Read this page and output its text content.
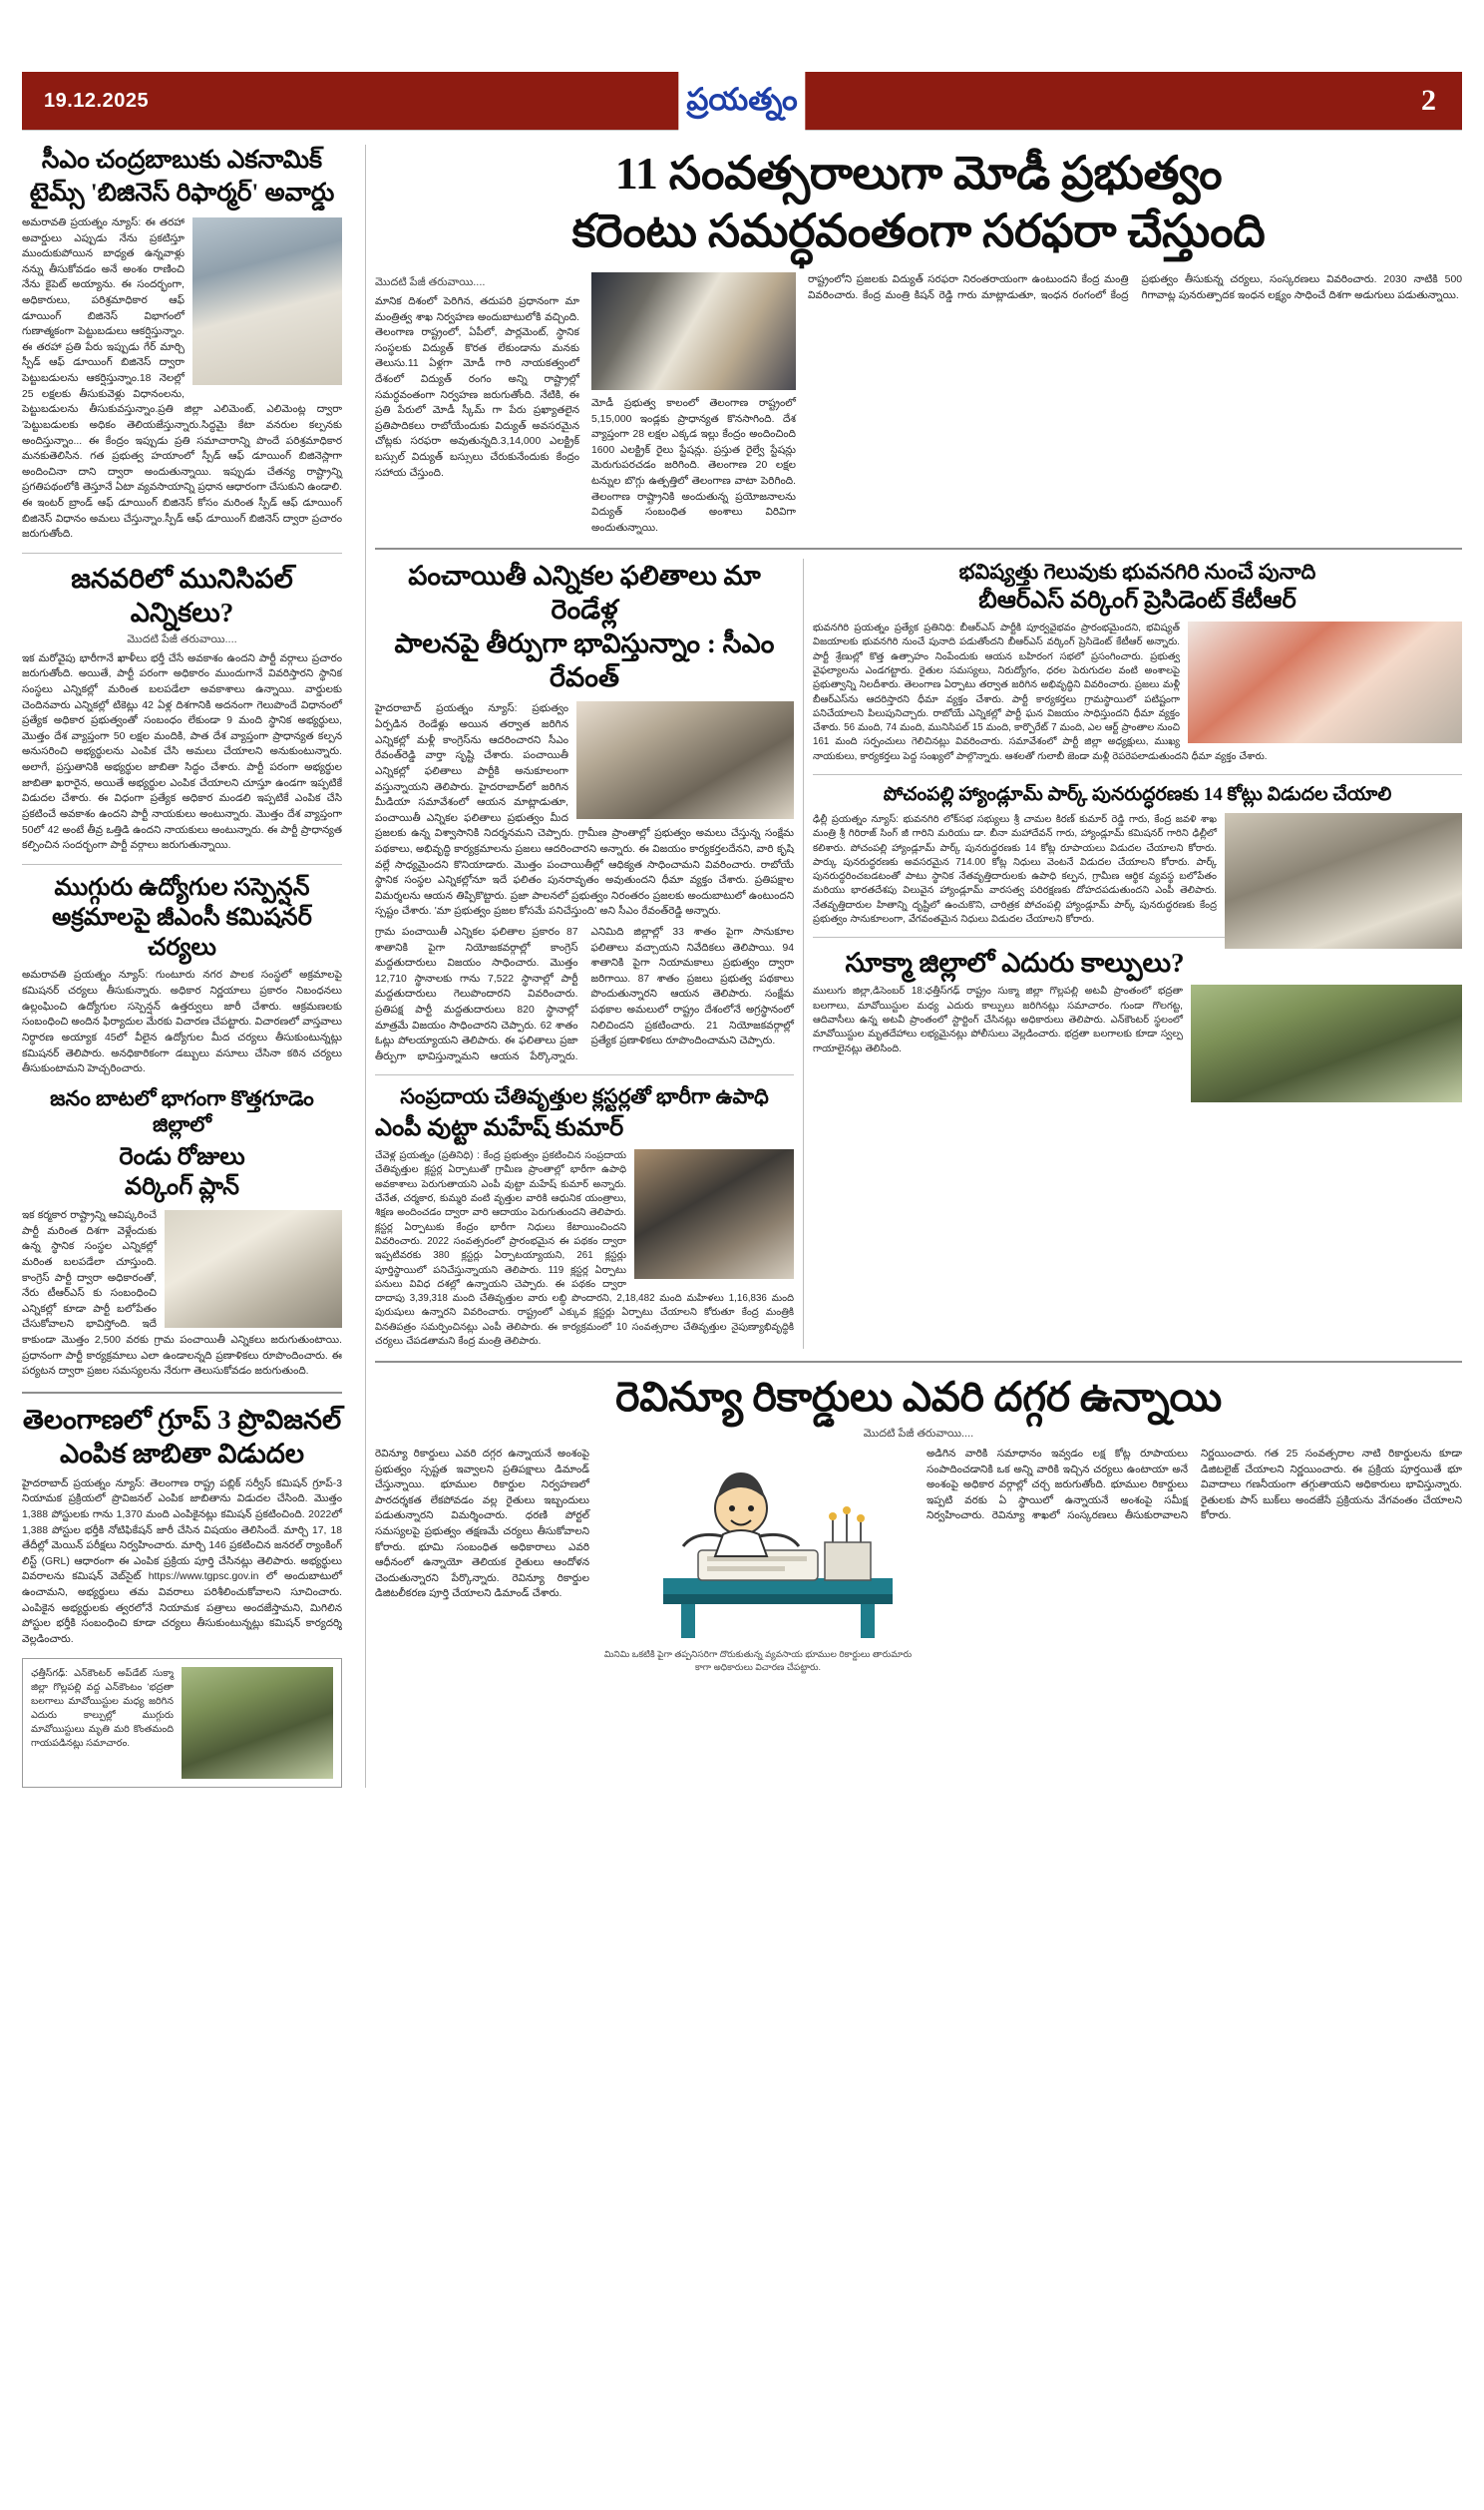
19.12.2025	ప్రయత్నం	2
సీఎం చంద్రబాబుకు ఎకనామిక్
టైమ్స్ 'బిజినెస్ రిఫార్మర్' అవార్డు
అమరావతి ప్రయత్నం న్యూస్: ఈ తరహా అవార్డులు ఎప్పుడు నేను ప్రకటిస్తూ ముందుకుపోయిన బాధ్యత ఉన్నవాళ్లు నన్ను తీసుకోవడం అనే అంశం రాణించి నేను కైపెట్ అయ్యాను. ఈ సందర్భంగా, అధికారులు, పరిశ్రమాధికార ఆఫ్ డూయింగ్ బిజినెస్ విభాగంలో గుణాత్మకంగా పెట్టుబడులు ఆకర్షిస్తున్నాం. ఈ తరహా ప్రతి పేరు ఇప్పుడు గేర్ మార్చి స్పీడ్ ఆఫ్ డూయింగ్ బిజినెస్ ద్వారా పెట్టుబడులను ఆకర్షిస్తున్నాం.18 నెలల్లో 25 లక్షలకు తీసుకువెళ్లు విధానంలను, పెట్టుబడులను తీసుకువస్తున్నాం.ప్రతి జిల్లా ఎలిమెంట్, ఎలిమెంట్ల ద్వారా 'పెట్టుబడులకు అధికం తెలియజేస్తున్నారు.సిద్ధమై కేటా వనరుల కల్పనకు అందిస్తున్నాం... ఈ కేంద్రం ఇప్పుడు ప్రతి సమాచారాన్ని పొందే పరిశ్రమాధికార మనకుతెలిసిన. గత ప్రభుత్వ హయాంలో స్పీడ్ ఆఫ్ డూయింగ్ బిజినెస్లాగా అందించినా దాని ద్వారా అందుతున్నాయి. ఇప్పుడు చేతన్య రాష్ట్రాన్ని ప్రగతిపథంలోకి తెస్తూనే ఏటా వ్యవసాయాన్ని ప్రధాన ఆధారంగా చేసుకుని ఉండాలి. ఈ ఇంటర్ బ్రాండ్ ఆఫ్ డూయింగ్ బిజినెస్ కోసం మరింత స్పీడ్ ఆఫ్ డూయింగ్ బిజినెస్ విధానం అమలు చేస్తున్నాం.స్పీడ్ ఆఫ్ డూయింగ్ బిజినెస్ ద్వారా ప్రచారం జరుగుతోంది.
జనవరిలో మునిసిపల్ ఎన్నికలు?
మొదటి పేజీ తరువాయి....
ఇక మరోవైపు భారీగానే ఖాళీలు భర్తీ చేసే అవకాశం ఉందని పార్టీ వర్గాలు ప్రచారం జరుగుతోంది. అయితే, పార్టీ పరంగా అధికారం ముందుగానే వివరిస్తారని స్థానిక సంస్థలు ఎన్నికల్లో మరింత బలపడేలా అవకాశాలు ఉన్నాయి. వార్డులకు చెందినవారు ఎన్నికల్లో టికెట్లు 42 ఏళ్ల దిశగానికి అదనంగా గెలుపొందే విధానంలో ప్రత్యేక అధికార ప్రభుత్వంతో సంబంధం లేకుండా 9 మంది స్థానిక అభ్యర్థులు, మొత్తం దేశ వ్యాప్తంగా 50 లక్షల మందికి, పాత దేశ వ్యాప్తంగా ప్రాధాన్యత కల్పన అనుసరించి అభ్యర్థులను ఎంపిక చేసి అమలు చేయాలని అనుకుంటున్నారు. అలాగే, ప్రస్తుతానికి అభ్యర్థుల జాబితా సిద్ధం చేశారు. పార్టీ పరంగా అభ్యర్థుల జాబితా ఖరారైన, అయితే అభ్యర్థుల ఎంపిక చేయాలని చూస్తూ ఉండగా ఇప్పటికే విడుదల చేశారు. ఈ విధంగా ప్రత్యేక అధికార మండలి ఇప్పటికే ఎంపిక చేసి ప్రకటించే అవకాశం ఉందని పార్టీ నాయకులు అంటున్నారు. మొత్తం దేశ వ్యాప్తంగా 50లో 42 అంటే తీవ్ర ఒత్తిడి ఉందని నాయకులు అంటున్నారు. ఈ పార్టీ ప్రాధాన్యత కల్పించిన సందర్భంగా పార్టీ వర్గాలు జరుగుతున్నాయి.
ముగ్గురు ఉద్యోగుల సస్పెన్షన్
అక్రమాలపై జీఎంసీ కమిషనర్ చర్యలు
అమరావతి ప్రయత్నం న్యూస్: గుంటూరు నగర పాలక సంస్థలో అక్రమాలపై కమిషనర్ చర్యలు తీసుకున్నారు. అధికార నిర్ణయాలు ప్రకారం నిబంధనలు ఉల్లంఘించి ఉద్యోగుల సస్పెన్షన్ ఉత్తర్వులు జారీ చేశారు. ఆక్రమణలకు సంబంధించి అందిన ఫిర్యాదుల మేరకు విచారణ చేపట్టారు. విచారణలో వాస్తవాలు నిర్ధారణ అయ్యాక 45లో వీలైన ఉద్యోగుల మీద చర్యలు తీసుకుంటున్నట్లు కమిషనర్ తెలిపారు. అనధికారికంగా డబ్బులు వసూలు చేసినా కఠిన చర్యలు తీసుకుంటామని హెచ్చరించారు.
జనం బాటలో భాగంగా కొత్తగూడెం జిల్లాలో
రెండు రోజులు
వర్కింగ్ ప్లాన్
ఇక కర్మకార రాష్ట్రాన్ని ఆవిష్కరించే పార్టీ మరింత దిశగా వెళ్లేందుకు ఉన్న స్థానిక సంస్థల ఎన్నికల్లో మరింత బలపడేలా చూస్తుంది. కాంగ్రెస్ పార్టీ ద్వారా అధికారంతో, నేరు టీఆర్ఎస్ కు సంబంధించి ఎన్నికల్లో కూడా పార్టీ బలోపేతం చేసుకోవాలని భావిస్తోంది. ఇదే కాకుండా మొత్తం 2,500 వరకు గ్రామ పంచాయితీ ఎన్నికలు జరుగుతుంటాయి. ప్రధానంగా పార్టీ కార్యక్రమాలు ఎలా ఉండాలన్నది ప్రణాళికలు రూపొందించారు. ఈ పర్యటన ద్వారా ప్రజల సమస్యలను నేరుగా తెలుసుకోవడం జరుగుతుంది.
తెలంగాణలో గ్రూప్ 3 ప్రొవిజనల్
ఎంపిక జాబితా విడుదల
హైదరాబాద్ ప్రయత్నం న్యూస్: తెలంగాణ రాష్ట్ర పబ్లిక్ సర్వీస్ కమిషన్ గ్రూప్-3 నియామక ప్రక్రియలో ప్రొవిజనల్ ఎంపిక జాబితాను విడుదల చేసింది. మొత్తం 1,388 పోస్టులకు గాను 1,370 మంది ఎంపికైనట్లు కమిషన్ ప్రకటించింది. 2022లో 1,388 పోస్టుల భర్తీకి నోటిఫికేషన్ జారీ చేసిన విషయం తెలిసిందే. మార్చి 17, 18 తేదీల్లో మెయిన్ పరీక్షలు నిర్వహించారు. మార్చి 146 ప్రకటించిన జనరల్ ర్యాంకింగ్ లిస్ట్ (GRL) ఆధారంగా ఈ ఎంపిక ప్రక్రియ పూర్తి చేసినట్లు తెలిపారు. అభ్యర్థులు వివరాలను కమిషన్ వెబ్‌సైట్ https://www.tgpsc.gov.in లో అందుబాటులో ఉంచామని, అభ్యర్థులు తమ వివరాలు పరిశీలించుకోవాలని సూచించారు. ఎంపికైన అభ్యర్థులకు త్వరలోనే నియామక పత్రాలు అందజేస్తామని, మిగిలిన పోస్టుల భర్తీకి సంబంధించి కూడా చర్యలు తీసుకుంటున్నట్లు కమిషన్ కార్యదర్శి వెల్లడించారు.
ఛత్తీస్‌గఢ్: ఎన్‌కౌంటర్ అప్‌డేట్ సుక్మా జిల్లా గొల్లపల్లి వద్ద ఎన్‌కౌంటం 'భద్రతా బలగాలు మావోయిస్టుల మధ్య జరిగిన ఎదురు కాల్పుల్లో ముగ్గురు మావోయిస్టులు మృతి మరి కొంతమంది గాయపడినట్లు సమాచారం.
11 సంవత్సరాలుగా మోడీ ప్రభుత్వం
కరెంటు సమర్ధవంతంగా సరఫరా చేస్తుంది
మొదటి పేజీ తరువాయి....
మానిక దిశంలో పెరిగిన, తదుపరి ప్రధానంగా మా మంత్రిత్వ శాఖ నిర్వహణ అందుబాటులోకి వచ్చింది. తెలంగాణ రాష్ట్రంలో, ఏపీలో, పార్లమెంట్, స్థానిక సంస్థలకు విద్యుత్ కొరత లేకుండాను మనకు తెలుసు.11 ఏళ్లగా మోడీ గారి నాయకత్వంలో దేశంలో విద్యుత్ రంగం అన్ని రాష్ట్రాల్లో సమర్ధవంతంగా నిర్వహణ జరుగుతోంది. నేటికి, ఈ ప్రతి పేరులో మోడీ స్కీమ్ గా పేరు ప్రఖ్యాతలైన ప్రతిపాదికలు రాబోయేందుకు విద్యుత్ అవసరమైన చోట్లకు సరఫరా అవుతున్నది.3,14,000 ఎలక్ట్రిక్ బస్సుల్ విద్యుత్ బస్సులు చేరుకునేందుకు కేంద్రం సహాయ చేస్తుంది.
మోడీ ప్రభుత్వ కాలంలో తెలంగాణ రాష్ట్రంలో 5,15,000 ఇండ్లకు ప్రాధాన్యత కొనసాగింది. దేశ వ్యాప్తంగా 28 లక్షల ఎక్కడ ఇల్లు కేంద్రం అందించింది 1600 ఎలక్ట్రిక్ రైలు స్టేషన్లు. ప్రస్తుత రైల్వే స్టేషన్లు మెరుగుపరచడం జరిగింది. తెలంగాణ 20 లక్షల టన్నుల బొగ్గు ఉత్పత్తిలో తెలంగాణ వాటా పెరిగింది. తెలంగాణ రాష్ట్రానికి అందుతున్న ప్రయోజనాలను విద్యుత్ సంబంధిత అంశాలు విరివిగా అందుతున్నాయి.
రాష్ట్రంలోని ప్రజలకు విద్యుత్ సరఫరా నిరంతరాయంగా ఉంటుందని కేంద్ర మంత్రి వివరించారు. కేంద్ర మంత్రి కిషన్ రెడ్డి గారు మాట్లాడుతూ, ఇంధన రంగంలో కేంద్ర ప్రభుత్వం తీసుకున్న చర్యలు, సంస్కరణలు వివరించారు. 2030 నాటికి 500 గిగావాట్ల పునరుత్పాదక ఇంధన లక్ష్యం సాధించే దిశగా అడుగులు పడుతున్నాయి.
పంచాయితీ ఎన్నికల ఫలితాలు మా రెండేళ్ల
పాలనపై తీర్పుగా భావిస్తున్నాం : సీఎం రేవంత్
హైదరాబాద్ ప్రయత్నం న్యూస్: ప్రభుత్వం ఏర్పడిన రెండేళ్లు అయిన తర్వాత జరిగిన ఎన్నికల్లో మళ్లీ కాంగ్రెస్‌ను ఆదరించారని సీఎం రేవంత్‌రెడ్డి వార్తా సృష్టి చేశారు. పంచాయితీ ఎన్నికల్లో ఫలితాలు పార్టీకి అనుకూలంగా వస్తున్నాయని తెలిపారు. హైదరాబాద్‌లో జరిగిన మీడియా సమావేశంలో ఆయన మాట్లాడుతూ, పంచాయితీ ఎన్నికల ఫలితాలు ప్రభుత్వం మీద ప్రజలకు ఉన్న విశ్వాసానికి నిదర్శనమని చెప్పారు. గ్రామీణ ప్రాంతాల్లో ప్రభుత్వం అమలు చేస్తున్న సంక్షేమ పథకాలు, అభివృద్ధి కార్యక్రమాలను ప్రజలు ఆదరించారని అన్నారు. ఈ విజయం కార్యకర్తలదేనని, వారి కృషి వల్లే సాధ్యమైందని కొనియాడారు. మొత్తం పంచాయితీల్లో ఆధిక్యత సాధించామని వివరించారు. రాబోయే స్థానిక సంస్థల ఎన్నికల్లోనూ ఇదే ఫలితం పునరావృతం అవుతుందని ధీమా వ్యక్తం చేశారు. ప్రతిపక్షాల విమర్శలను ఆయన తిప్పికొట్టారు. ప్రజా పాలనలో ప్రభుత్వం నిరంతరం ప్రజలకు అందుబాటులో ఉంటుందని స్పష్టం చేశారు. 'మా ప్రభుత్వం ప్రజల కోసమే పనిచేస్తుంది' అని సీఎం రేవంత్‌రెడ్డి అన్నారు.
గ్రామ పంచాయితీ ఎన్నికల ఫలితాల ప్రకారం 87 శాతానికి పైగా నియోజకవర్గాల్లో కాంగ్రెస్ మద్దతుదారులు విజయం సాధించారు. మొత్తం 12,710 స్థానాలకు గాను 7,522 స్థానాల్లో పార్టీ మద్దతుదారులు గెలుపొందారని వివరించారు. ప్రతిపక్ష పార్టీ మద్దతుదారులు 820 స్థానాల్లో మాత్రమే విజయం సాధించారని చెప్పారు. 62 శాతం ఓట్లు పోలయ్యాయని తెలిపారు. ఈ ఫలితాలు ప్రజా తీర్పుగా భావిస్తున్నామని ఆయన పేర్కొన్నారు. ఎనిమిది జిల్లాల్లో 33 శాతం పైగా సానుకూల ఫలితాలు వచ్చాయని నివేదికలు తెలిపాయి. 94 శాతానికి పైగా నియామకాలు ప్రభుత్వం ద్వారా జరిగాయి. 87 శాతం ప్రజలు ప్రభుత్వ పథకాలు పొందుతున్నారని ఆయన తెలిపారు. సంక్షేమ పథకాల అమలులో రాష్ట్రం దేశంలోనే అగ్రస్థానంలో నిలిచిందని ప్రకటించారు. 21 నియోజకవర్గాల్లో ప్రత్యేక ప్రణాళికలు రూపొందించామని చెప్పారు.
సంప్రదాయ చేతివృత్తుల క్లస్టర్లతో భారీగా ఉపాధి
ఎంపీ వుట్టా మహేష్ కుమార్
చేవెళ్ల ప్రయత్నం (ప్రతినిధి) : కేంద్ర ప్రభుత్వం ప్రకటించిన సంప్రదాయ చేతివృత్తుల క్లస్టర్ల ఏర్పాటుతో గ్రామీణ ప్రాంతాల్లో భారీగా ఉపాధి అవకాశాలు పెరుగుతాయని ఎంపీ వుట్టా మహేష్ కుమార్ అన్నారు. చేనేత, చర్మకార, కుమ్మరి వంటి వృత్తుల వారికి ఆధునిక యంత్రాలు, శిక్షణ అందించడం ద్వారా వారి ఆదాయం పెరుగుతుందని తెలిపారు. క్లస్టర్ల ఏర్పాటుకు కేంద్రం భారీగా నిధులు కేటాయించిందని వివరించారు. 2022 సంవత్సరంలో ప్రారంభమైన ఈ పథకం ద్వారా ఇప్పటివరకు 380 క్లస్టర్లు ఏర్పాటయ్యాయని, 261 క్లస్టర్లు పూర్తిస్థాయిలో పనిచేస్తున్నాయని తెలిపారు. 119 క్లస్టర్ల ఏర్పాటు పనులు వివిధ దశల్లో ఉన్నాయని చెప్పారు. ఈ పథకం ద్వారా దాదాపు 3,39,318 మంది చేతివృత్తుల వారు లబ్ధి పొందారని, 2,18,482 మంది మహిళలు 1,16,836 మంది పురుషులు ఉన్నారని వివరించారు. రాష్ట్రంలో ఎక్కువ క్లస్టర్లు ఏర్పాటు చేయాలని కోరుతూ కేంద్ర మంత్రికి వినతిపత్రం సమర్పించినట్లు ఎంపీ తెలిపారు. ఈ కార్యక్రమంలో 10 సంవత్సరాల చేతివృత్తుల నైపుణ్యాభివృద్ధికి చర్యలు చేపడతామని కేంద్ర మంత్రి తెలిపారు.
భవిష్యత్తు గెలువుకు భువనగిరి నుంచే పునాది
బీఆర్ఎస్ వర్కింగ్ ప్రెసిడెంట్ కేటీఆర్
భువనగిరి ప్రయత్నం ప్రత్యేక ప్రతినిధి: బీఆర్ఎస్ పార్టీకి పూర్వవైభవం ప్రారంభమైందని, భవిష్యత్ విజయాలకు భువనగిరి నుంచే పునాది పడుతోందని బీఆర్ఎస్ వర్కింగ్ ప్రెసిడెంట్ కేటీఆర్ అన్నారు. పార్టీ శ్రేణుల్లో కొత్త ఉత్సాహం నింపేందుకు ఆయన బహిరంగ సభలో ప్రసంగించారు. ప్రభుత్వ వైఫల్యాలను ఎండగట్టారు. రైతుల సమస్యలు, నిరుద్యోగం, ధరల పెరుగుదల వంటి అంశాలపై ప్రభుత్వాన్ని నిలదీశారు. తెలంగాణ ఏర్పాటు తర్వాత జరిగిన అభివృద్ధిని వివరించారు. ప్రజలు మళ్లీ బీఆర్ఎస్‌ను ఆదరిస్తారని ధీమా వ్యక్తం చేశారు. పార్టీ కార్యకర్తలు గ్రామస్థాయిలో పటిష్టంగా పనిచేయాలని పిలుపునిచ్చారు. రాబోయే ఎన్నికల్లో పార్టీ ఘన విజయం సాధిస్తుందని ధీమా వ్యక్తం చేశారు. 56 మంది, 74 మంది, మునిసిపల్ 15 మంది, కార్పొరేట్ 7 మంది, ఎల ఆర్ట్ ప్రాంతాల నుంచి 161 మంది సర్పంచులు గెలిచినట్లు వివరించారు. సమావేశంలో పార్టీ జిల్లా అధ్యక్షులు, ముఖ్య నాయకులు, కార్యకర్తలు పెద్ద సంఖ్యలో పాల్గొన్నారు. ఆశలతో గులాబీ జెండా మళ్లీ రెపరెపలాడుతుందని ధీమా వ్యక్తం చేశారు.
పోచంపల్లి హ్యాండ్లూమ్ పార్క్ పునరుద్ధరణకు 14 కోట్లు విడుదల చేయాలి
ఢిల్లీ ప్రయత్నం న్యూస్: భువనగిరి లోక్‌సభ సభ్యులు శ్రీ చామల కిరణ్ కుమార్ రెడ్డి గారు, కేంద్ర జవళి శాఖ మంత్రి శ్రీ గిరిరాజ్ సింగ్ జీ గారిని మరియు డా. బీనా మహాదేవన్ గారు, హ్యాండ్లూమ్ కమిషనర్ గారిని ఢిల్లీలో కలిశారు. పోచంపల్లి హ్యాండ్లూమ్ పార్క్ పునరుద్ధరణకు 14 కోట్ల రూపాయలు విడుదల చేయాలని కోరారు. పార్కు పునరుద్ధరణకు అవసరమైన 714.00 కోట్ల నిధులు వెంటనే విడుదల చేయాలని కోరారు. పార్క్ పునరుద్ధరించబడటంతో పాటు స్థానిక నేతవృత్తిదారులకు ఉపాధి కల్పన, గ్రామీణ ఆర్థిక వ్యవస్థ బలోపేతం మరియు భారతదేశపు విలువైన హ్యాండ్లూమ్ వారసత్వ పరిరక్షణకు దోహదపడుతుందని ఎంపీ తెలిపారు. నేతవృత్తిదారుల హితాన్ని దృష్టిలో ఉంచుకొని, చారిత్రక పోచంపల్లి హ్యాండ్లూమ్ పార్క్ పునరుద్ధరణకు కేంద్ర ప్రభుత్వం సానుకూలంగా, వేగవంతమైన నిధులు విడుదల చేయాలని కోరారు.
సూక్మా జిల్లాలో ఎదురు కాల్పులు?
ములుగు జిల్లా,డిసెంబర్ 18:ఛత్తీస్‌గఢ్ రాష్ట్రం సుక్మా జిల్లా గొల్లపల్లి అటవీ ప్రాంతంలో భద్రతా బలగాలు, మావోయిస్టుల మధ్య ఎదురు కాల్పులు జరిగినట్లు సమాచారం. గుండా గొలగట్ట, ఆదివాసీలు ఉన్న అటవీ ప్రాంతంలో స్టార్టింగ్ చేసినట్లు అధికారులు తెలిపారు. ఎన్‌కౌంటర్ స్థలంలో మావోయిస్టుల మృతదేహాలు లభ్యమైనట్లు పోలీసులు వెల్లడించారు. భద్రతా బలగాలకు కూడా స్వల్ప గాయాలైనట్లు తెలిసింది.
రెవిన్యూ రికార్డులు ఎవరి దగ్గర ఉన్నాయి
మొదటి పేజీ తరువాయి....
రెవిన్యూ రికార్డులు ఎవరి దగ్గర ఉన్నాయనే అంశంపై ప్రభుత్వం స్పష్టత ఇవ్వాలని ప్రతిపక్షాలు డిమాండ్ చేస్తున్నాయి. భూముల రికార్డుల నిర్వహణలో పారదర్శకత లేకపోవడం వల్ల రైతులు ఇబ్బందులు పడుతున్నారని విమర్శించారు. ధరణి పోర్టల్ సమస్యలపై ప్రభుత్వం తక్షణమే చర్యలు తీసుకోవాలని కోరారు. భూమి సంబంధిత అధికారాలు ఎవరి ఆధీనంలో ఉన్నాయో తెలియక రైతులు ఆందోళన చెందుతున్నారని పేర్కొన్నారు. రెవిన్యూ రికార్డుల డిజిటలీకరణ పూర్తి చేయాలని డిమాండ్ చేశారు.
మినిమి ఒకటికి పైగా తప్పనిసరిగా దొరుకుతున్న వ్యవసాయ భూముల రికార్డులు తారుమారు కాగా అధికారులు విచారణ చేపట్టారు.
అడిగిన వారికి సమాధానం ఇవ్వడం లక్ష కోట్ల రూపాయలు సంపాదించడానికి ఒక అన్ని వారికి ఇచ్చిన చర్యలు ఉంటాయా అనే అంశంపై అధికార వర్గాల్లో చర్చ జరుగుతోంది. భూముల రికార్డులు ఇప్పటి వరకు ఏ స్థాయిలో ఉన్నాయనే అంశంపై సమీక్ష నిర్వహించారు. రెవిన్యూ శాఖలో సంస్కరణలు తీసుకురావాలని నిర్ణయించారు. గత 25 సంవత్సరాల నాటి రికార్డులను కూడా డిజిటలైజ్ చేయాలని నిర్ణయించారు. ఈ ప్రక్రియ పూర్తయితే భూ వివాదాలు గణనీయంగా తగ్గుతాయని అధికారులు భావిస్తున్నారు. రైతులకు పాస్ బుక్‌లు అందజేసే ప్రక్రియను వేగవంతం చేయాలని కోరారు.
